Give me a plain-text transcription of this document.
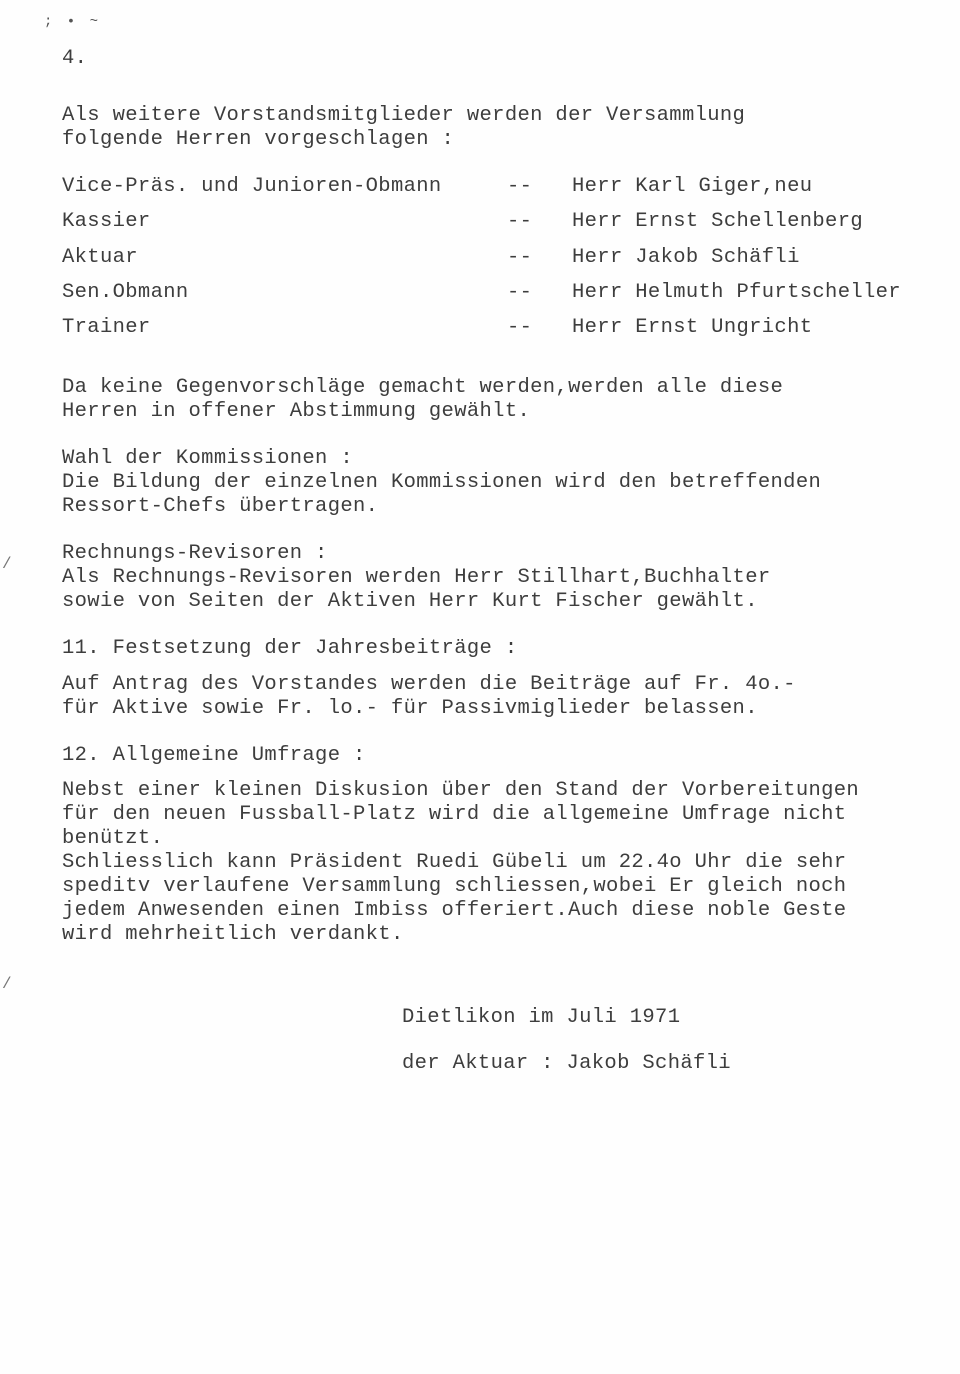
; • ~
4.
Als weitere Vorstandsmitglieder werden der Versammlung
folgende Herren vorgeschlagen :
Vice-Präs. und Junioren-Obmann	-- Herr Karl Giger,neu
Kassier	-- Herr Ernst Schellenberg
Aktuar	-- Herr Jakob Schäfli
Sen.Obmann	-- Herr Helmuth Pfurtscheller
Trainer	-- Herr Ernst Ungricht
Da keine Gegenvorschläge gemacht werden,werden alle diese
Herren in offener Abstimmung gewählt.
Wahl der Kommissionen :
Die Bildung der einzelnen Kommissionen wird den betreffenden
Ressort-Chefs übertragen.
Rechnungs-Revisoren :
Als Rechnungs-Revisoren werden Herr Stillhart,Buchhalter
sowie von Seiten der Aktiven Herr Kurt Fischer gewählt.
11. Festsetzung der Jahresbeiträge :
Auf Antrag des Vorstandes werden die Beiträge auf Fr. 4o.-
für Aktive sowie Fr. lo.- für Passivmiglieder belassen.
12. Allgemeine Umfrage :
Nebst einer kleinen Diskusion über den Stand der Vorbereitungen
für den neuen Fussball-Platz wird die allgemeine Umfrage nicht
benützt.
Schliesslich kann Präsident Ruedi Gübeli um 22.4o Uhr die sehr
speditv verlaufene Versammlung schliessen,wobei Er gleich noch
jedem Anwesenden einen Imbiss offeriert.Auch diese noble Geste
wird mehrheitlich verdankt.
Dietlikon im Juli 1971
der Aktuar : Jakob Schäfli
/
/
